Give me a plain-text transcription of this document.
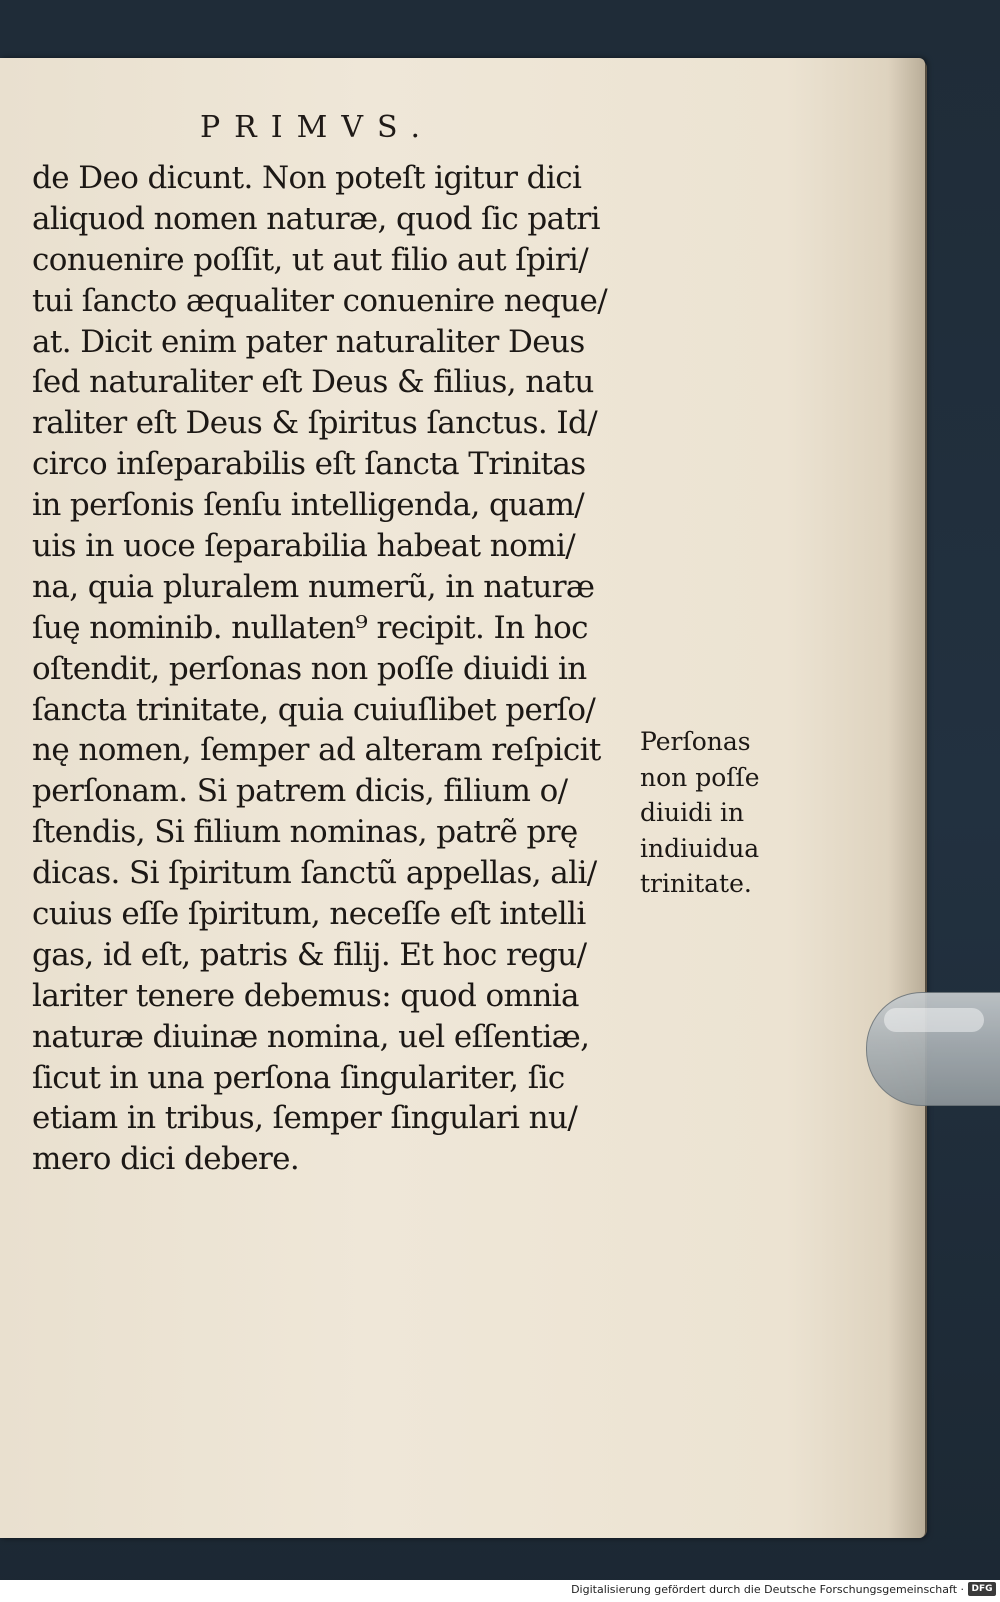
PRIMVS.
de Deo dicunt. Non poteſt igitur dici
aliquod nomen naturæ, quod ſic patri
conuenire poſſit, ut aut filio aut ſpiri/
tui ſancto æqualiter conuenire neque/
at. Dicit enim pater naturaliter Deus
ſed naturaliter eſt Deus & filius, natu
raliter eſt Deus & ſpiritus ſanctus. Id/
circo inſeparabilis eſt ſancta Trinitas
in perſonis ſenſu intelligenda, quam/
uis in uoce ſeparabilia habeat nomi/
na, quia pluralem numerũ, in naturæ
ſuę nominib. nullaten⁹ recipit. In hoc
oſtendit, perſonas non poſſe diuidi in
ſancta trinitate, quia cuiuſlibet perſo/
nę nomen, ſemper ad alteram reſpicit
perſonam. Si patrem dicis, filium o/
ſtendis, Si filium nominas, patrẽ prę
dicas. Si ſpiritum ſanctũ appellas, ali/
cuius eſſe ſpiritum, neceſſe eſt intelli
gas, id eſt, patris & filij. Et hoc regu/
lariter tenere debemus: quod omnia
naturæ diuinæ nomina, uel eſſentiæ,
ſicut in una perſona ſingulariter, ſic
etiam in tribus, ſemper ſingulari nu/
mero dici debere.
Perſonas
non poſſe
diuidi in
indiuidua
trinitate.
Digitalisierung gefördert durch die Deutsche Forschungsgemeinschaft · DFG
